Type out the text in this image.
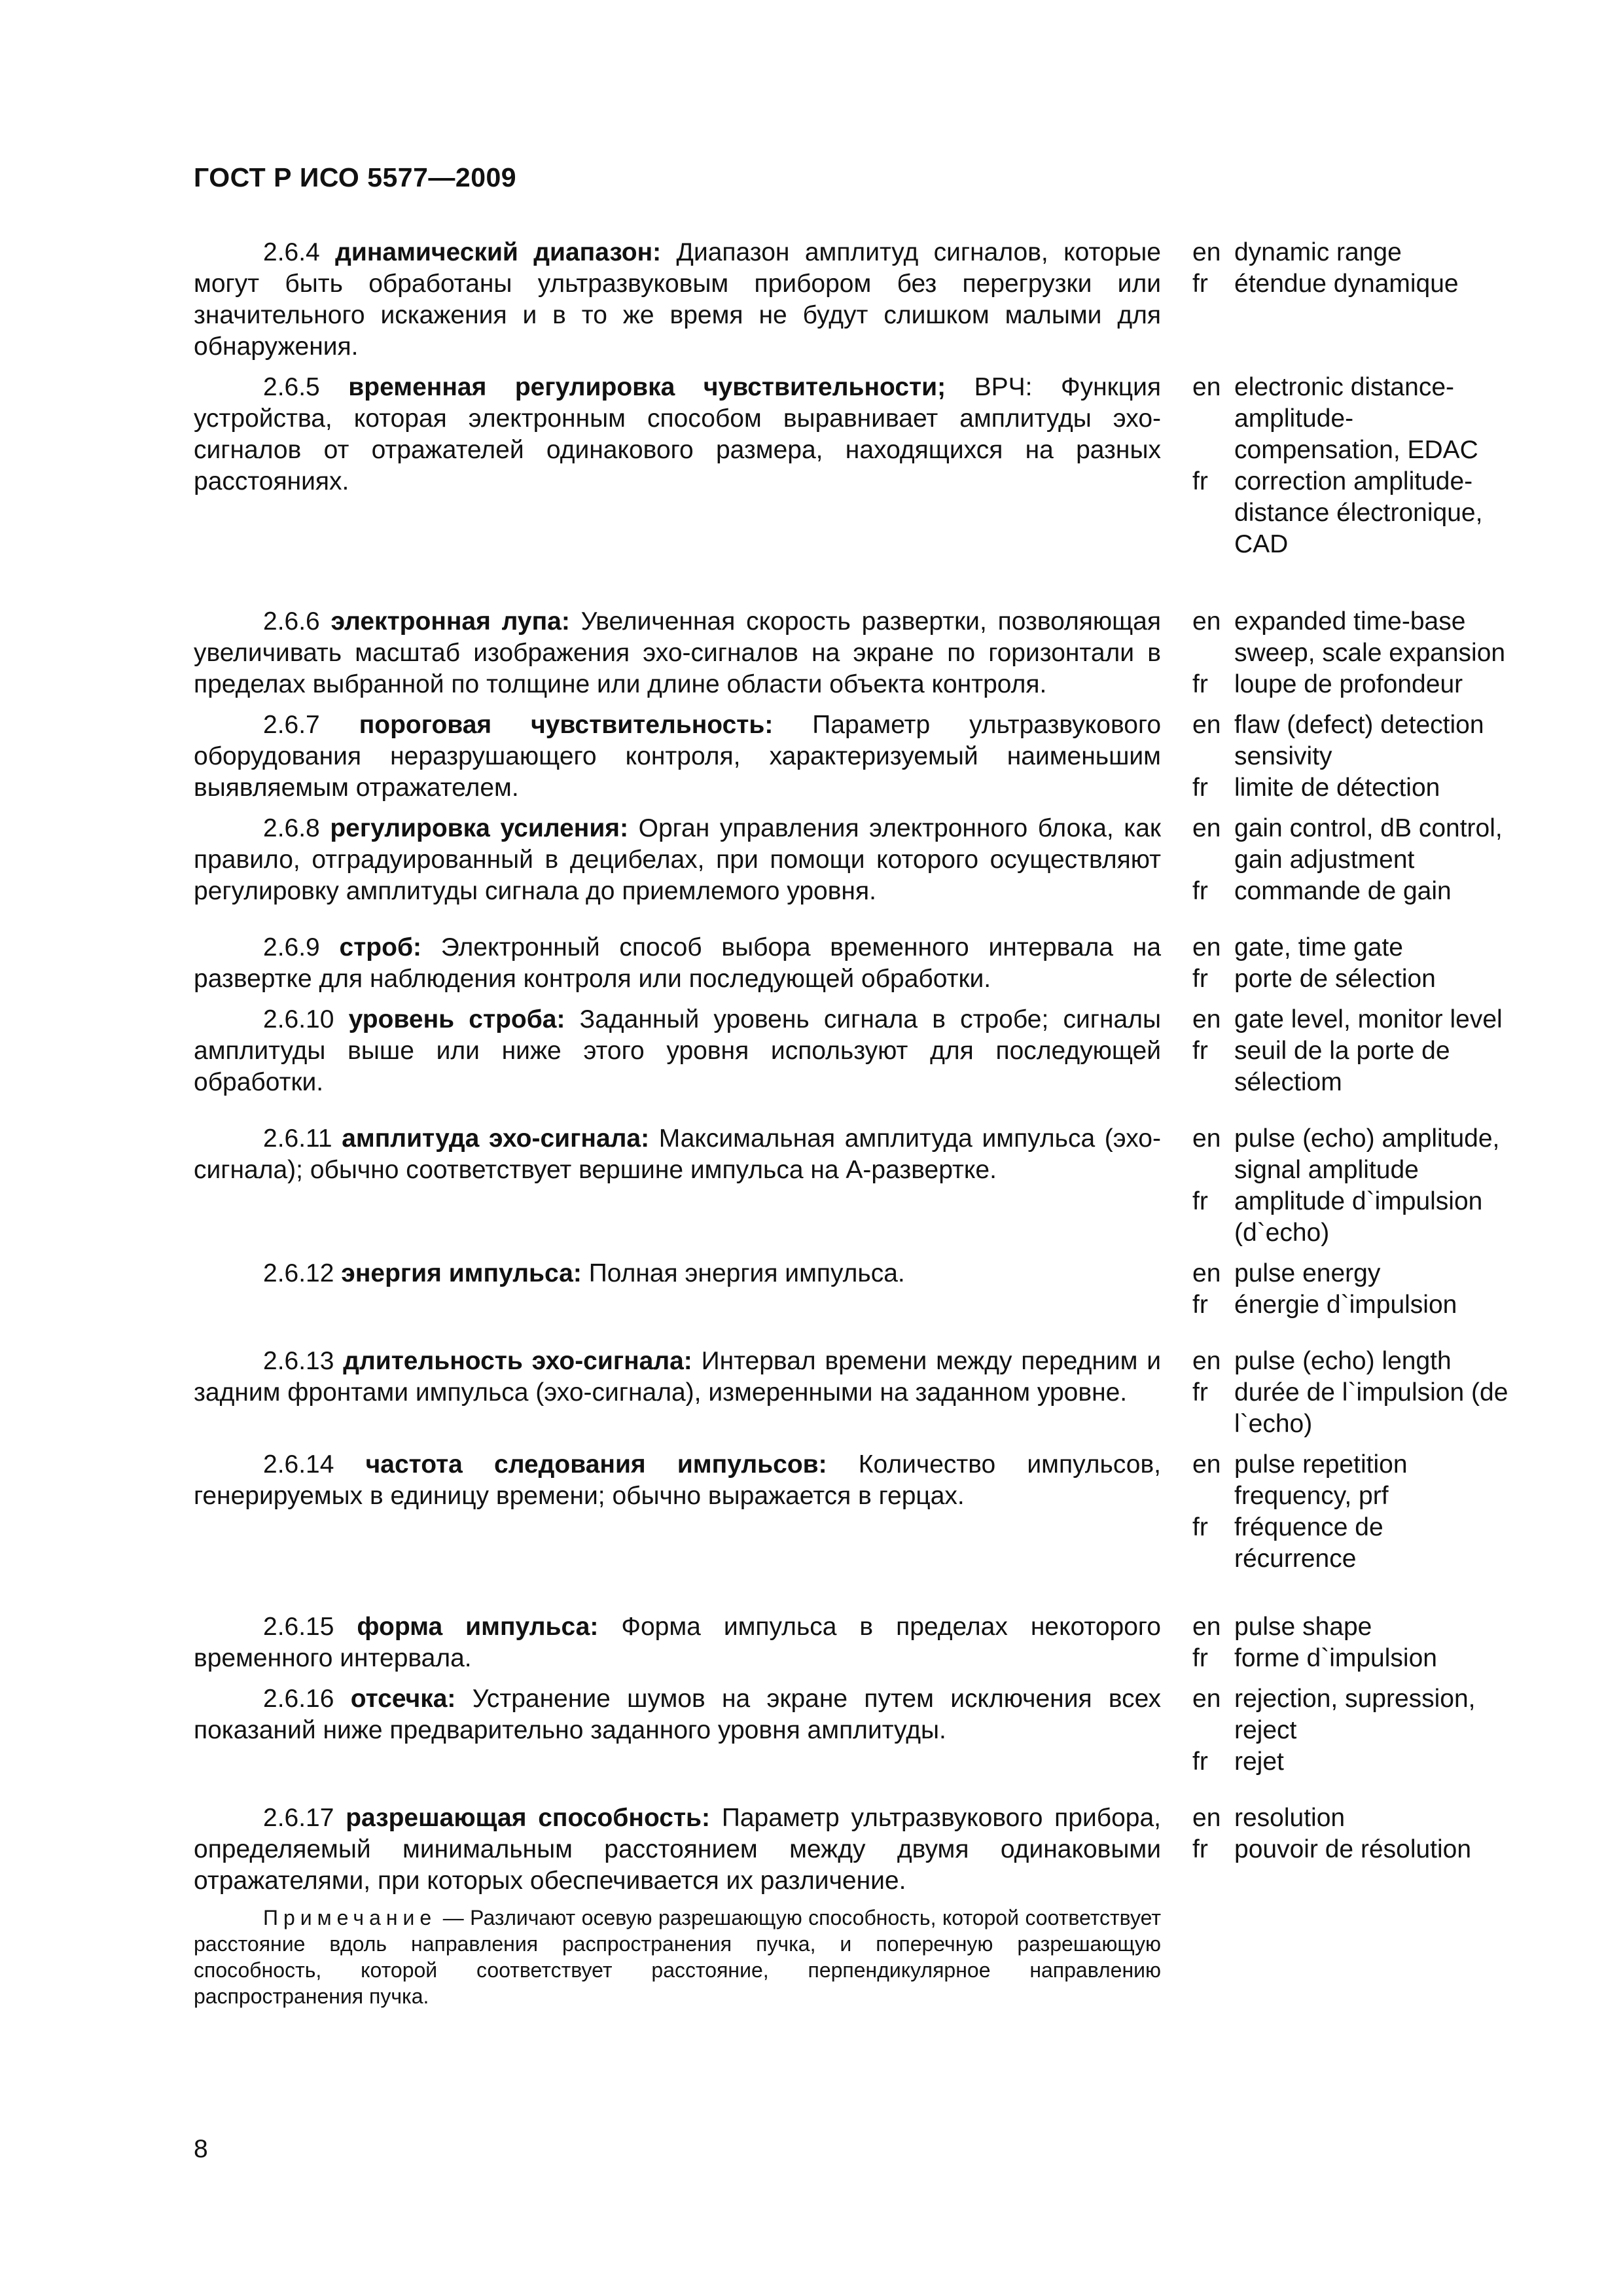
ГОСТ Р ИСО 5577—2009

2.6.4 динамический диапазон: Диапазон амплитуд сигналов, которые могут быть обработаны ультразвуковым прибором без перегрузки или значительного искажения и в то же время не будут слишком малыми для обнаружения.

en dynamic range
fr	étendue dynamique

2.6.5 временная регулировка чувствительности; ВРЧ: Функция устройства, которая электронным способом выравнивает амплитуды эхо-сигналов от отражателей одинакового размера, находящихся на разных расстояниях.

en electronic distance-amplitude-compensation, EDAC
fr	correction amplitude-distance électronique, CAD

2.6.6 электронная лупа: Увеличенная скорость развертки, позволяющая увеличивать масштаб изображения эхо-сигналов на экране по горизонтали в пределах выбранной по толщине или длине области объекта контроля.

en expanded time-base sweep, scale expansion
fr	loupe de profondeur

2.6.7 пороговая чувствительность: Параметр ультразвукового оборудования неразрушающего контроля, характеризуемый наименьшим выявляемым отражателем.

en flaw (defect) detection sensivity
fr	limite de détection

2.6.8 регулировка усиления: Орган управления электронного блока, как правило, отградуированный в децибелах, при помощи которого осуществляют регулировку амплитуды сигнала до приемлемого уровня.

en gain control, dB control, gain adjustment
fr	commande de gain

2.6.9 строб: Электронный способ выбора временного интервала на развертке для наблюдения контроля или последующей обработки.

en gate, time gate
fr	porte de sélection

2.6.10 уровень строба: Заданный уровень сигнала в стробе; сигналы амплитуды выше или ниже этого уровня используют для последующей обработки.

en gate level, monitor level
fr	seuil de la porte de sélectiom

2.6.11 амплитуда эхо-сигнала: Максимальная амплитуда импульса (эхо-сигнала); обычно соответствует вершине импульса на А-развертке.

en pulse (echo) amplitude, signal amplitude
fr	amplitude d`impulsion (d`echo)

2.6.12 энергия импульса: Полная энергия импульса.	en pulse energy
fr	énergie d`impulsion

2.6.13 длительность эхо-сигнала: Интервал времени между передним и задним фронтами импульса (эхо-сигнала), измеренными на заданном уровне.

en pulse (echo) length
fr	durée de l`impulsion (de l`echo)

2.6.14 частота следования импульсов: Количество импульсов, генерируемых в единицу времени; обычно выражается в герцах.

en pulse repetition frequency, prf
fr	fréquence de récurrence

2.6.15 форма импульса: Форма импульса в пределах некоторого временного интервала.

en pulse shape
fr	forme d`impulsion

2.6.16 отсечка: Устранение шумов на экране путем исключения всех показаний ниже предварительно заданного уровня амплитуды.

en rejection, supression, reject
fr	rejet

2.6.17 разрешающая способность: Параметр ультразвукового прибора, определяемый минимальным расстоянием между двумя одинаковыми отражателями, при которых обеспечивается их различение.

Примечание — Различают осевую разрешающую способность, которой соответствует расстояние вдоль направления распространения пучка, и поперечную разрешающую способность, которой соответствует расстояние, перпендикулярное направлению распространения пучка.
en resolution
fr	pouvoir de résolution
8
